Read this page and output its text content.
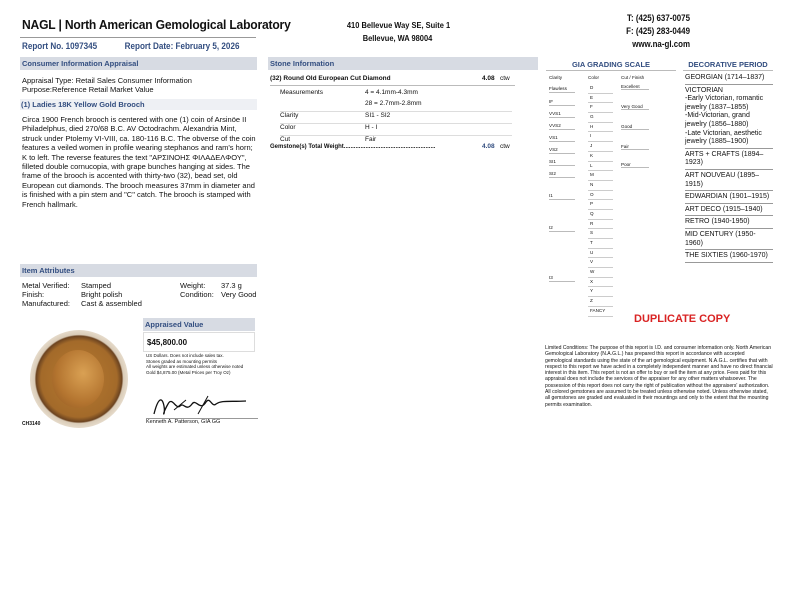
NAGL | North American Gemological Laboratory	410 Bellevue Way SE, Suite 1
Bellevue, WA 98004
T: (425) 637-0075
F: (425) 283-0449
www.na-gl.com
Report No. 1097345	Report Date: February 5, 2026
Consumer Information Appraisal
Appraisal Type: Retail Sales Consumer Information
Purpose:Reference Retail Market Value
(1) Ladies 18K Yellow Gold Brooch
Circa 1900 French brooch is centered with one (1) coin of Arsinöe II Philadelphus, died 270/68 B.C. AV Octodrachm. Alexandria Mint, struck under Ptolemy VI-VIII, ca. 180-116 B.C. The obverse of the coin features a veiled women in profile wearing stephanos and ram's horn; K to left. The reverse features the text "ΑΡΣΙΝΟΗΣ ΦΙΛΑΔΕΛΦΟΥ", filleted double cornucopia, with grape bunches hanging at sides. The frame of the brooch is accented with thirty-two (32), bead set, old European cut diamonds. The brooch measures 37mm in diameter and is finished with a pin stem and "C" catch. The brooch is stamped with French hallmark.
Item Attributes
Metal Verified: Stamped
Finish:	Bright polish
Manufactured: Cast & assembled
Weight: 37.3 g
Condition: Very Good
CH3140
Appraised Value
$45,800.00
US Dollars. Does not include sales tax.
Stones graded as mounting permits
All weights are estimated unless otherwise noted
Gold $4,875.00 (Metal Prices per Troy Oz)
Kenneth A. Patterson, GIA GG
Stone Information
(32) Round Old European Cut Diamond	4.08 ctw
Measurements	4 = 4.1mm-4.3mm
	28 = 2.7mm-2.8mm
Clarity	SI1 - SI2
Color	H - I
Cut	Fair
Gemstone(s) Total Weight.......................................................	4.08 ctw
GIA GRADING SCALE
Clarity	Color	Cut / Finish
Flawless
IF
VVS1
VVS2
VS1
VS2
SI1
SI2
I1
I2
I3
D
E
F
G
H
I
J
K
L
M
N
O
P
Q
R
S
T
U
V
W
X
Y
Z
FANCY
Excellent
Very Good
Good
Fair
Poor
DECORATIVE PERIOD
GEORGIAN (1714–1837)
VICTORIAN
-Early Victorian, romantic jewelry (1837–1855)
-Mid-Victorian, grand jewelry (1856–1880)
-Late Victorian, aesthetic jewelry (1885–1900)
ARTS + CRAFTS (1894–1923)
ART NOUVEAU (1895–1915)
EDWARDIAN (1901–1915)
ART DECO (1915–1940)
RETRO (1940-1950)
MID CENTURY (1950-1960)
THE SIXTIES (1960-1970)
DUPLICATE COPY
Limited Conditions: The purpose of this report is I.D. and consumer information only. North American Gemological Laboratory (N.A.G.L.) has prepared this report in accordance with accepted gemological standards using the state of the art gemological equipment. N.A.G.L. certifies that with respect to this report we have acted in a completely independent manner and have no direct financial interest in this item. This report is not an offer to buy or sell the item at any price. Fees paid for this appraisal does not include the services of the appraiser for any other matters whatsoever. The possession of this report does not carry the right of publication without the appraisers' authorization. All colored gemstones are assumed to be treated unless otherwise noted. Unless otherwise stated, all gemstones are graded and evaluated in their mountings and only to the extent that the mounting permits examination.
